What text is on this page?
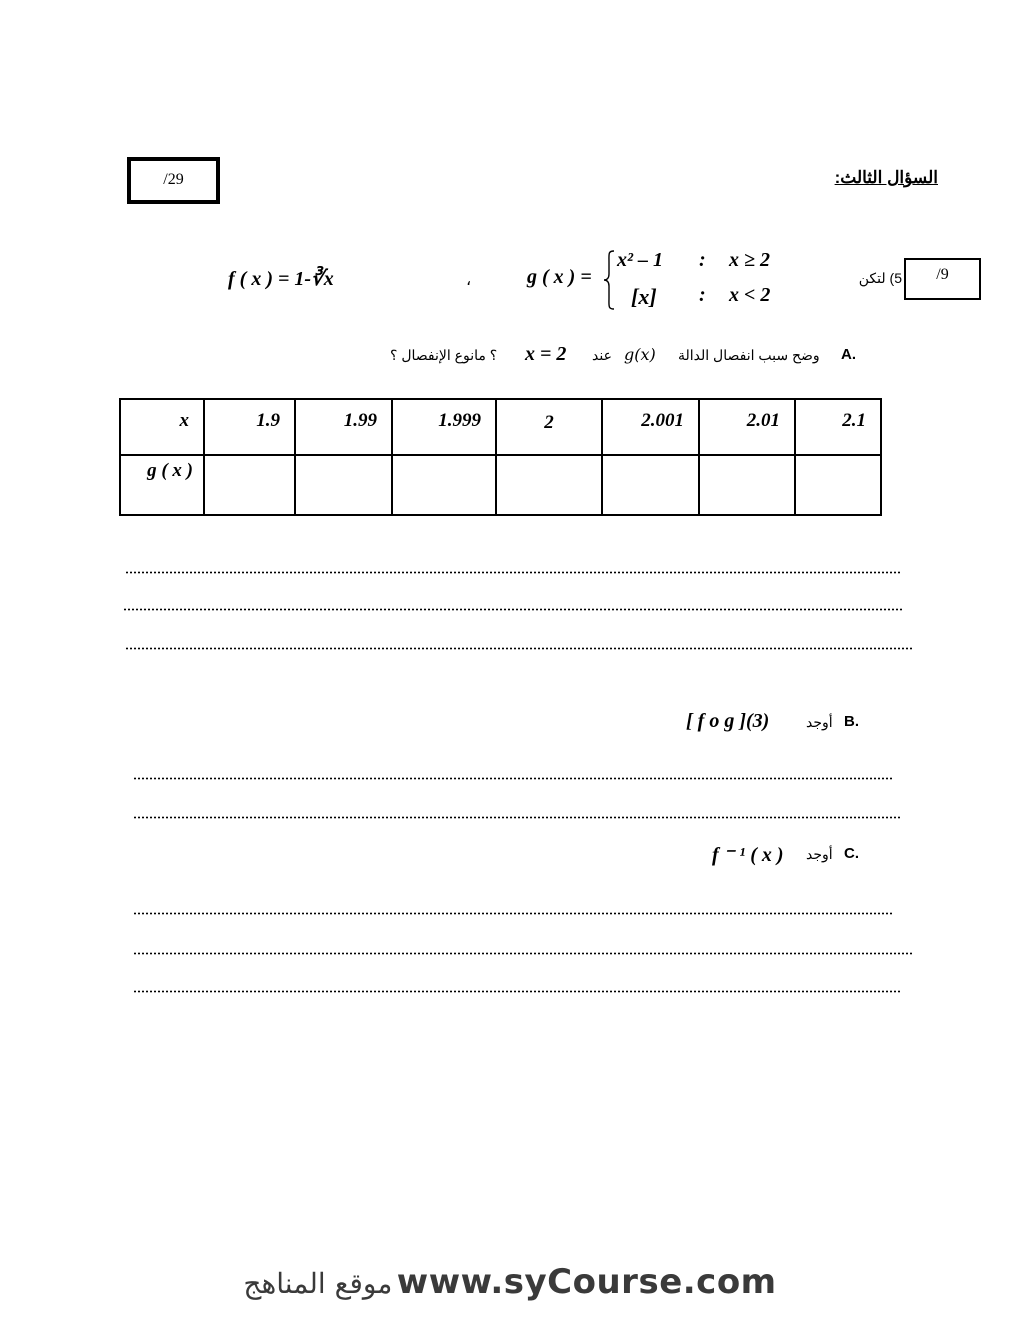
/29	السؤال الثالث:
/9
5) لتكن
f ( x ) = 1-∛x	،	g ( x ) =
x² – 1 : x ≥ 2
[x] : x < 2
؟ مانوع الإنفصال ؟ x = 2 عند g(x) وضح سبب انفصال الدالة A.
x	1.9	1.99	1.999	2	2.001	2.01	2.1
g ( x )							
[ f o g ](3)	أوجد B.
f ⁻ ¹ ( x ) أوجد C.
موقع المناهج www.syCourse.com
